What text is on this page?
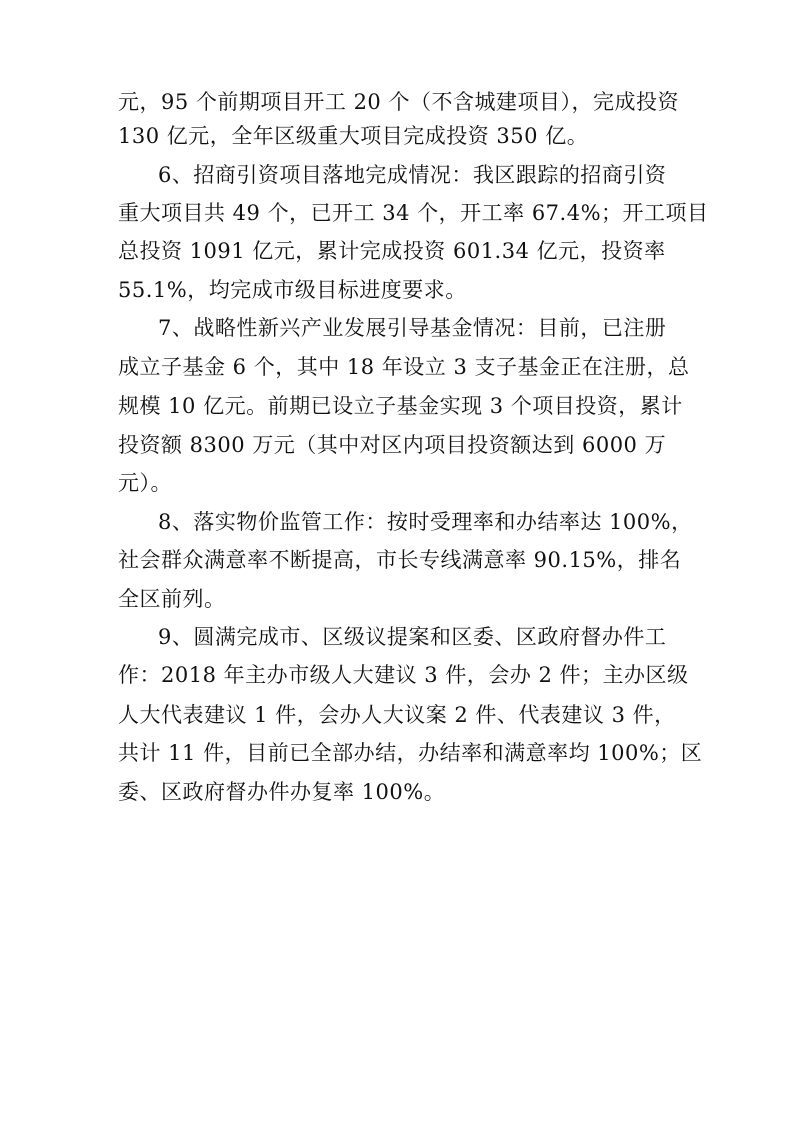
元，95 个前期项目开工 20 个（不含城建项目），完成投资
130 亿元，全年区级重大项目完成投资 350 亿。
6、招商引资项目落地完成情况：我区跟踪的招商引资
重大项目共 49 个，已开工 34 个，开工率 67.4%；开工项目
总投资 1091 亿元，累计完成投资 601.34 亿元，投资率
55.1%，均完成市级目标进度要求。
7、战略性新兴产业发展引导基金情况：目前，已注册
成立子基金 6 个，其中 18 年设立 3 支子基金正在注册，总
规模 10 亿元。前期已设立子基金实现 3 个项目投资，累计
投资额 8300 万元（其中对区内项目投资额达到 6000 万
元）。
8、落实物价监管工作：按时受理率和办结率达 100%，
社会群众满意率不断提高，市长专线满意率 90.15%，排名
全区前列。
9、圆满完成市、区级议提案和区委、区政府督办件工
作：2018 年主办市级人大建议 3 件，会办 2 件；主办区级
人大代表建议 1 件，会办人大议案 2 件、代表建议 3 件，
共计 11 件，目前已全部办结，办结率和满意率均 100%；区
委、区政府督办件办复率 100%。
